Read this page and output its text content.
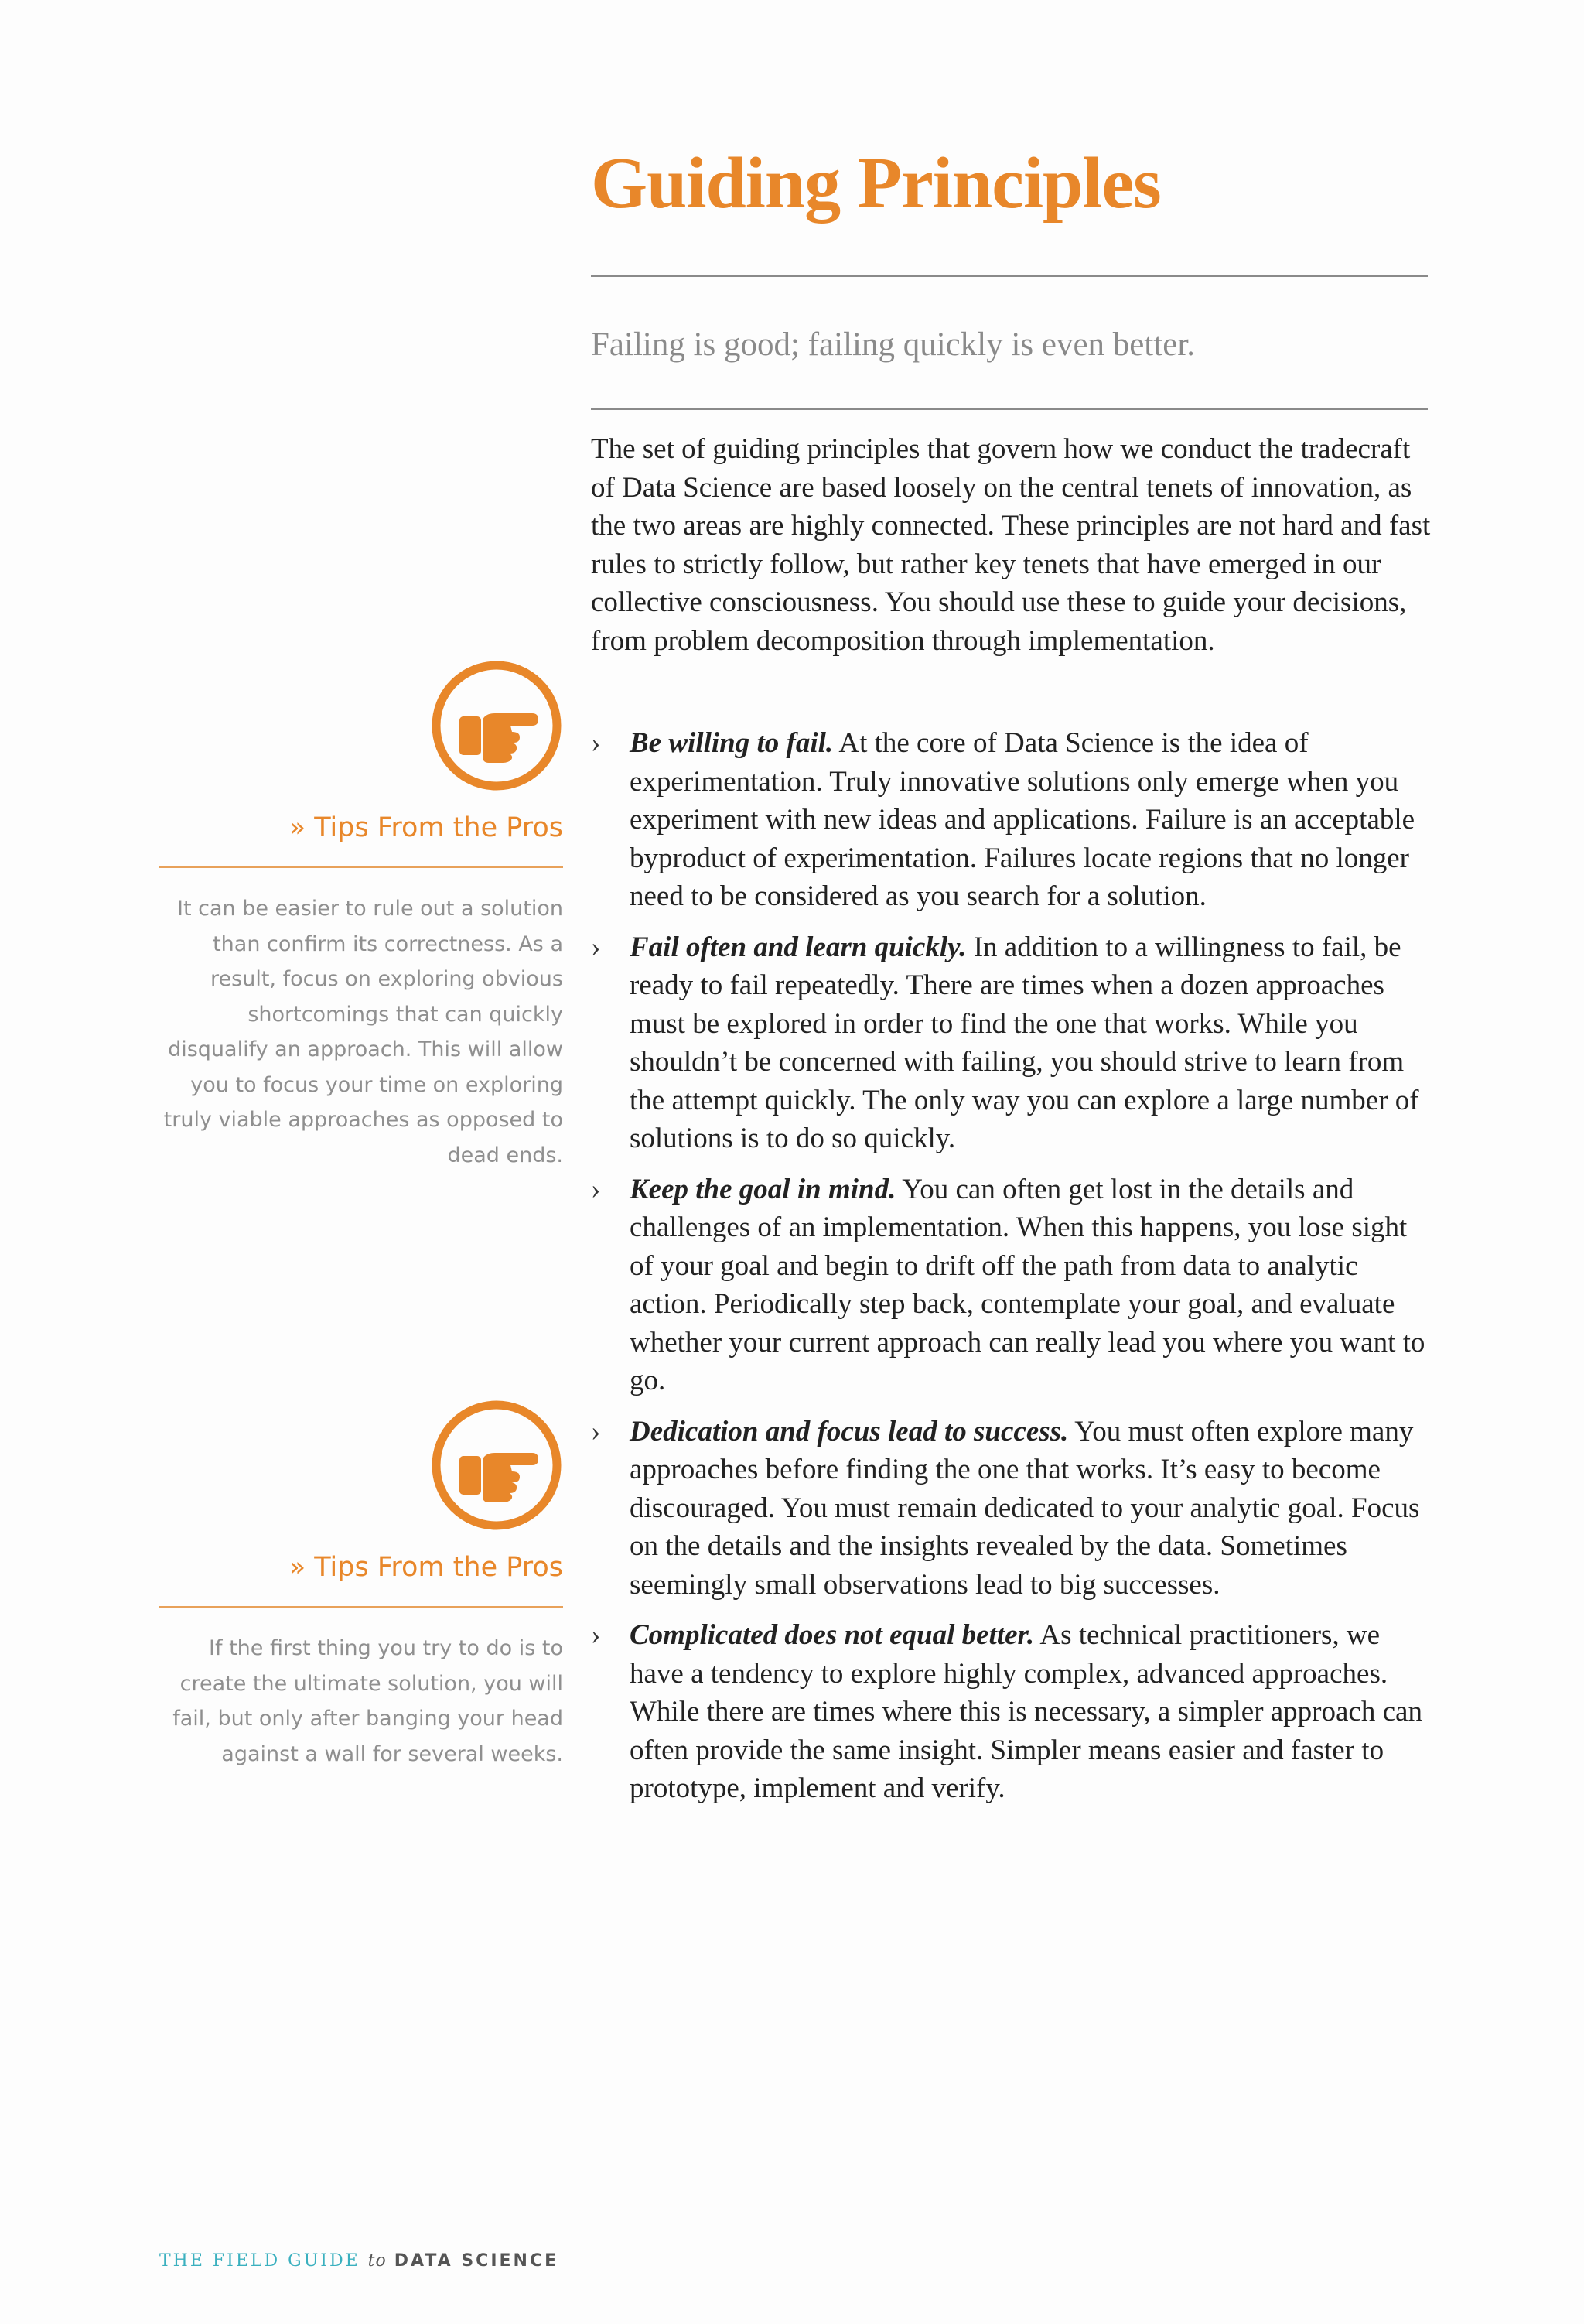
Guiding Principles
Failing is good; failing quickly is even better.

The set of guiding principles that govern how we conduct the tradecraft of Data Science are based loosely on the central tenets of innovation, as the two areas are highly connected. These principles are not hard and fast rules to strictly follow, but rather key tenets that have emerged in our collective consciousness. You should use these to guide your decisions, from problem decomposition through implementation.

› Be willing to fail. At the core of Data Science is the idea of experimentation. Truly innovative solutions only emerge when you experiment with new ideas and applications. Failure is an acceptable byproduct of experimentation. Failures locate regions that no longer need to be considered as you search for a solution.
› Fail often and learn quickly. In addition to a willingness to fail, be ready to fail repeatedly. There are times when a dozen approaches must be explored in order to find the one that works. While you shouldn’t be concerned with failing, you should strive to learn from the attempt quickly. The only way you can explore a large number of solutions is to do so quickly.
› Keep the goal in mind. You can often get lost in the details and challenges of an implementation. When this happens, you lose sight of your goal and begin to drift off the path from data to analytic action. Periodically step back, contemplate your goal, and evaluate whether your current approach can really lead you where you want to go.
› Dedication and focus lead to success. You must often explore many approaches before finding the one that works. It’s easy to become discouraged. You must remain dedicated to your analytic goal. Focus on the details and the insights revealed by the data. Sometimes seemingly small observations lead to big successes.
› Complicated does not equal better. As technical practitioners, we have a tendency to explore highly complex, advanced approaches. While there are times where this is necessary, a simpler approach can often provide the same insight. Simpler means easier and faster to prototype, implement and verify.
» Tips From the Pros

It can be easier to rule out a solution than confirm its correctness. As a result, focus on exploring obvious shortcomings that can quickly disqualify an approach. This will allow you to focus your time on exploring truly viable approaches as opposed to dead ends.

» Tips From the Pros

If the first thing you try to do is to create the ultimate solution, you will fail, but only after banging your head against a wall for several weeks.

THE FIELD GUIDE to DATA SCIENCE
